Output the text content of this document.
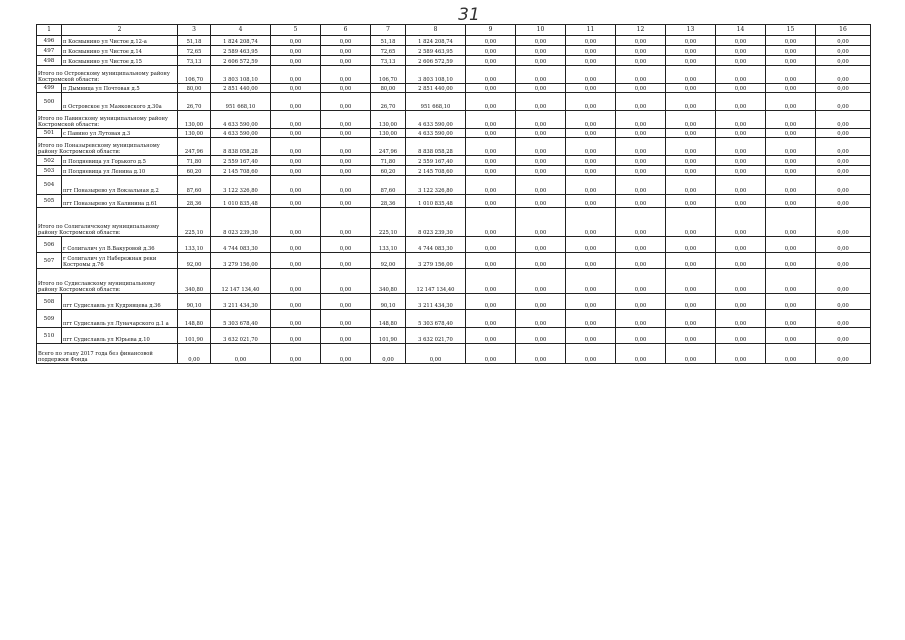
31
1	2	3	4	5	6	7	8	9	10	11	12	13	14	15	16
496	п Космынино ул Чистое д.12-а	51,18	1 824 208,74	0,00	0,00	51,18	1 824 208,74	0,00	0,00	0,00	0,00	0,00	0,00	0,00	0,00
497	п Космынино ул Чистое д.14	72,65	2 589 463,95	0,00	0,00	72,65	2 589 463,95	0,00	0,00	0,00	0,00	0,00	0,00	0,00	0,00
498	п Космынино ул Чистое д.15	73,13	2 606 572,59	0,00	0,00	73,13	2 606 572,59	0,00	0,00	0,00	0,00	0,00	0,00	0,00	0,00
Итого по Островскому муниципальному району Костромской области:		106,70	3 803 108,10	0,00	0,00	106,70	3 803 108,10	0,00	0,00	0,00	0,00	0,00	0,00	0,00	0,00
499	п Дымница ул Почтовая д.5	80,00	2 851 440,00	0,00	0,00	80,00	2 851 440,00	0,00	0,00	0,00	0,00	0,00	0,00	0,00	0,00
500	п Островское ул Маяковского д.30а	26,70	951 668,10	0,00	0,00	26,70	951 668,10	0,00	0,00	0,00	0,00	0,00	0,00	0,00	0,00
Итого по Павинскому муниципальному району Костромской области:		130,00	4 633 590,00	0,00	0,00	130,00	4 633 590,00	0,00	0,00	0,00	0,00	0,00	0,00	0,00	0,00
501	с Павино ул Лутовая д.3	130,00	4 633 590,00	0,00	0,00	130,00	4 633 590,00	0,00	0,00	0,00	0,00	0,00	0,00	0,00	0,00
Итого по Поназыревскому муниципальному району Костромской области:		247,96	8 838 058,28	0,00	0,00	247,96	8 838 058,28	0,00	0,00	0,00	0,00	0,00	0,00	0,00	0,00
502	п Полдневица ул Горького д.5	71,80	2 559 167,40	0,00	0,00	71,80	2 559 167,40	0,00	0,00	0,00	0,00	0,00	0,00	0,00	0,00
503	п Полдневица ул Ленина д.10	60,20	2 145 708,60	0,00	0,00	60,20	2 145 708,60	0,00	0,00	0,00	0,00	0,00	0,00	0,00	0,00
504	пгт Поназырево ул Вокзальная д.2	87,60	3 122 326,80	0,00	0,00	87,60	3 122 326,80	0,00	0,00	0,00	0,00	0,00	0,00	0,00	0,00
505	пгт Поназырево ул Калинина д.61	28,36	1 010 835,48	0,00	0,00	28,36	1 010 835,48	0,00	0,00	0,00	0,00	0,00	0,00	0,00	0,00
Итого по Солигаличскому муниципальному району Костромской области:		225,10	8 023 239,30	0,00	0,00	225,10	8 023 239,30	0,00	0,00	0,00	0,00	0,00	0,00	0,00	0,00
506	г Солигалич ул В.Вакуровой д.36	133,10	4 744 083,30	0,00	0,00	133,10	4 744 083,30	0,00	0,00	0,00	0,00	0,00	0,00	0,00	0,00
507	г Солигалич ул Набережная реки Костромы д.76	92,00	3 279 156,00	0,00	0,00	92,00	3 279 156,00	0,00	0,00	0,00	0,00	0,00	0,00	0,00	0,00
Итого по Судиславскому муниципальному району Костромской области:		340,80	12 147 134,40	0,00	0,00	340,80	12 147 134,40	0,00	0,00	0,00	0,00	0,00	0,00	0,00	0,00
508	пгт Судиславль ул Кудрявцева д.36	90,10	3 211 434,30	0,00	0,00	90,10	3 211 434,30	0,00	0,00	0,00	0,00	0,00	0,00	0,00	0,00
509	пгт Судиславль ул Луначарского д.1 а	148,80	5 303 678,40	0,00	0,00	148,80	5 303 678,40	0,00	0,00	0,00	0,00	0,00	0,00	0,00	0,00
510	пгт Судиславль ул Юрьева д.10	101,90	3 632 021,70	0,00	0,00	101,90	3 632 021,70	0,00	0,00	0,00	0,00	0,00	0,00	0,00	0,00
Всего по этапу 2017 года без финансовой поддержки Фонда		0,00	0,00	0,00	0,00	0,00	0,00	0,00	0,00	0,00	0,00	0,00	0,00	0,00	0,00
